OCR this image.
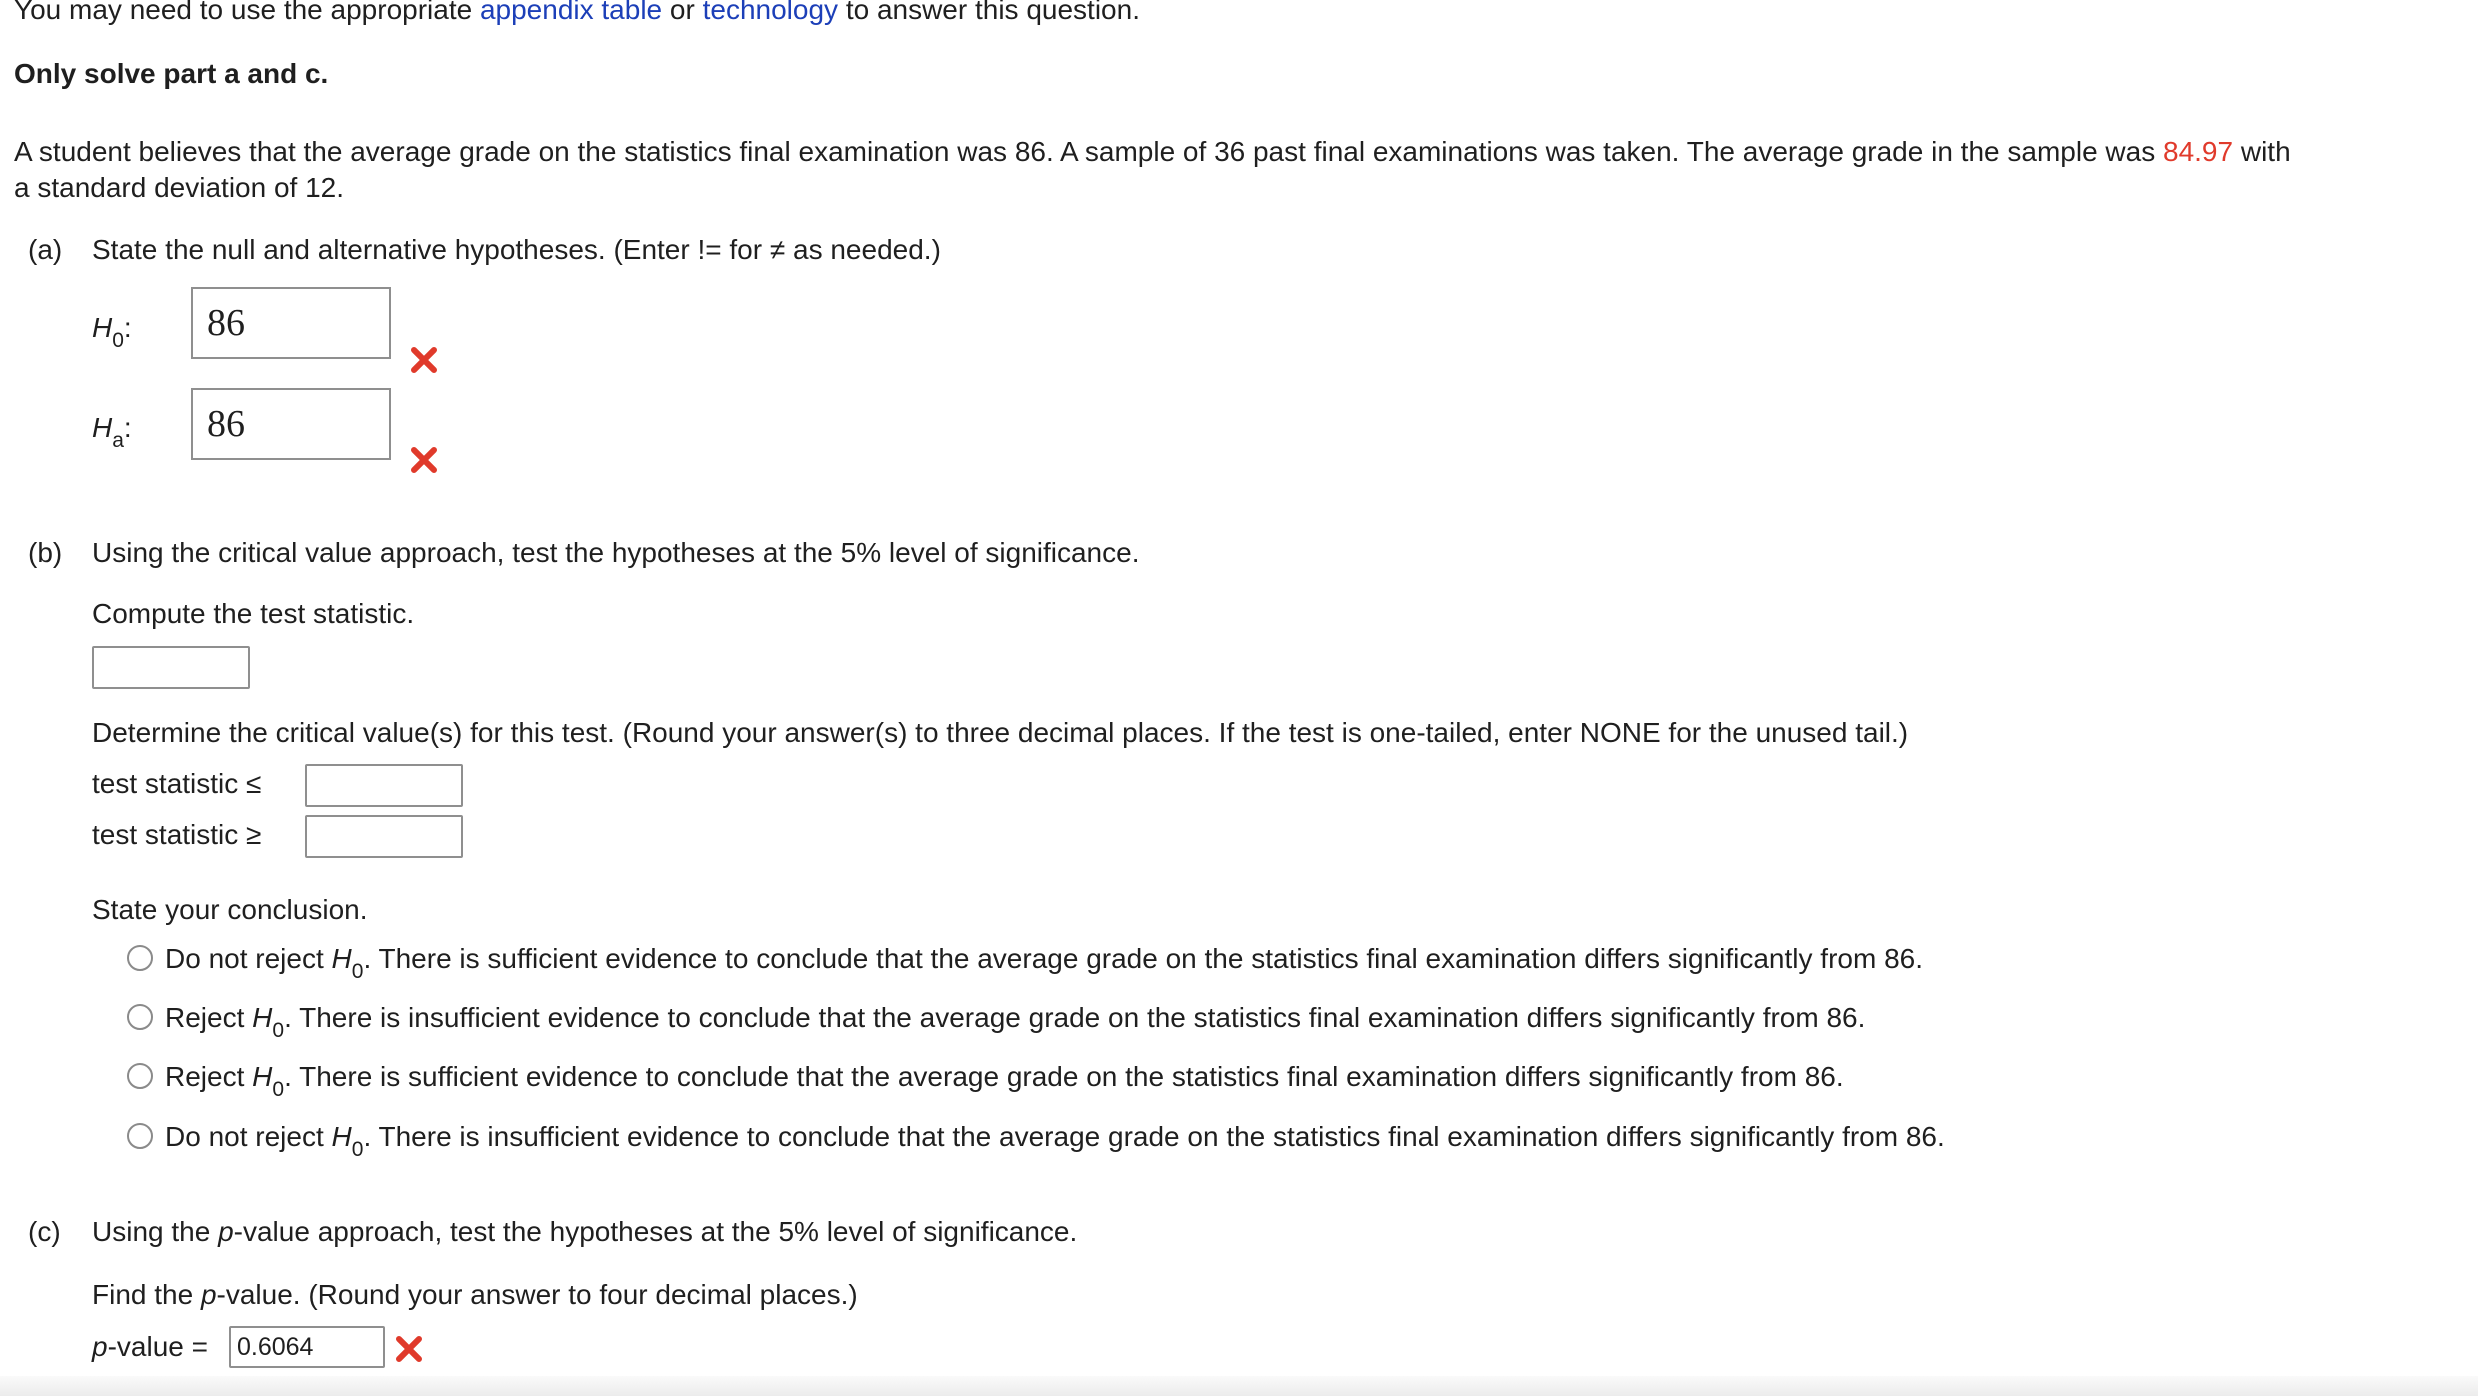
You may need to use the appropriate appendix table or technology to answer this question.
Only solve part a and c.
A student believes that the average grade on the statistics final examination was 86. A sample of 36 past final examinations was taken. The average grade in the sample was 84.97 with
a standard deviation of 12.
(a) State the null and alternative hypotheses. (Enter != for ≠ as needed.)
$H_0$: 86
$H_a$: 86
(b) Using the critical value approach, test the hypotheses at the 5% level of significance.
Compute the test statistic.
Determine the critical value(s) for this test. (Round your answer(s) to three decimal places. If the test is one-tailed, enter NONE for the unused tail.)
test statistic ≤
test statistic ≥
State your conclusion.
Do not reject $H_0$. There is sufficient evidence to conclude that the average grade on the statistics final examination differs significantly from 86.
Reject $H_0$. There is insufficient evidence to conclude that the average grade on the statistics final examination differs significantly from 86.
Reject $H_0$. There is sufficient evidence to conclude that the average grade on the statistics final examination differs significantly from 86.
Do not reject $H_0$. There is insufficient evidence to conclude that the average grade on the statistics final examination differs significantly from 86.
(c) Using the p-value approach, test the hypotheses at the 5% level of significance.
Find the p-value. (Round your answer to four decimal places.)
p-value =	0.6064
